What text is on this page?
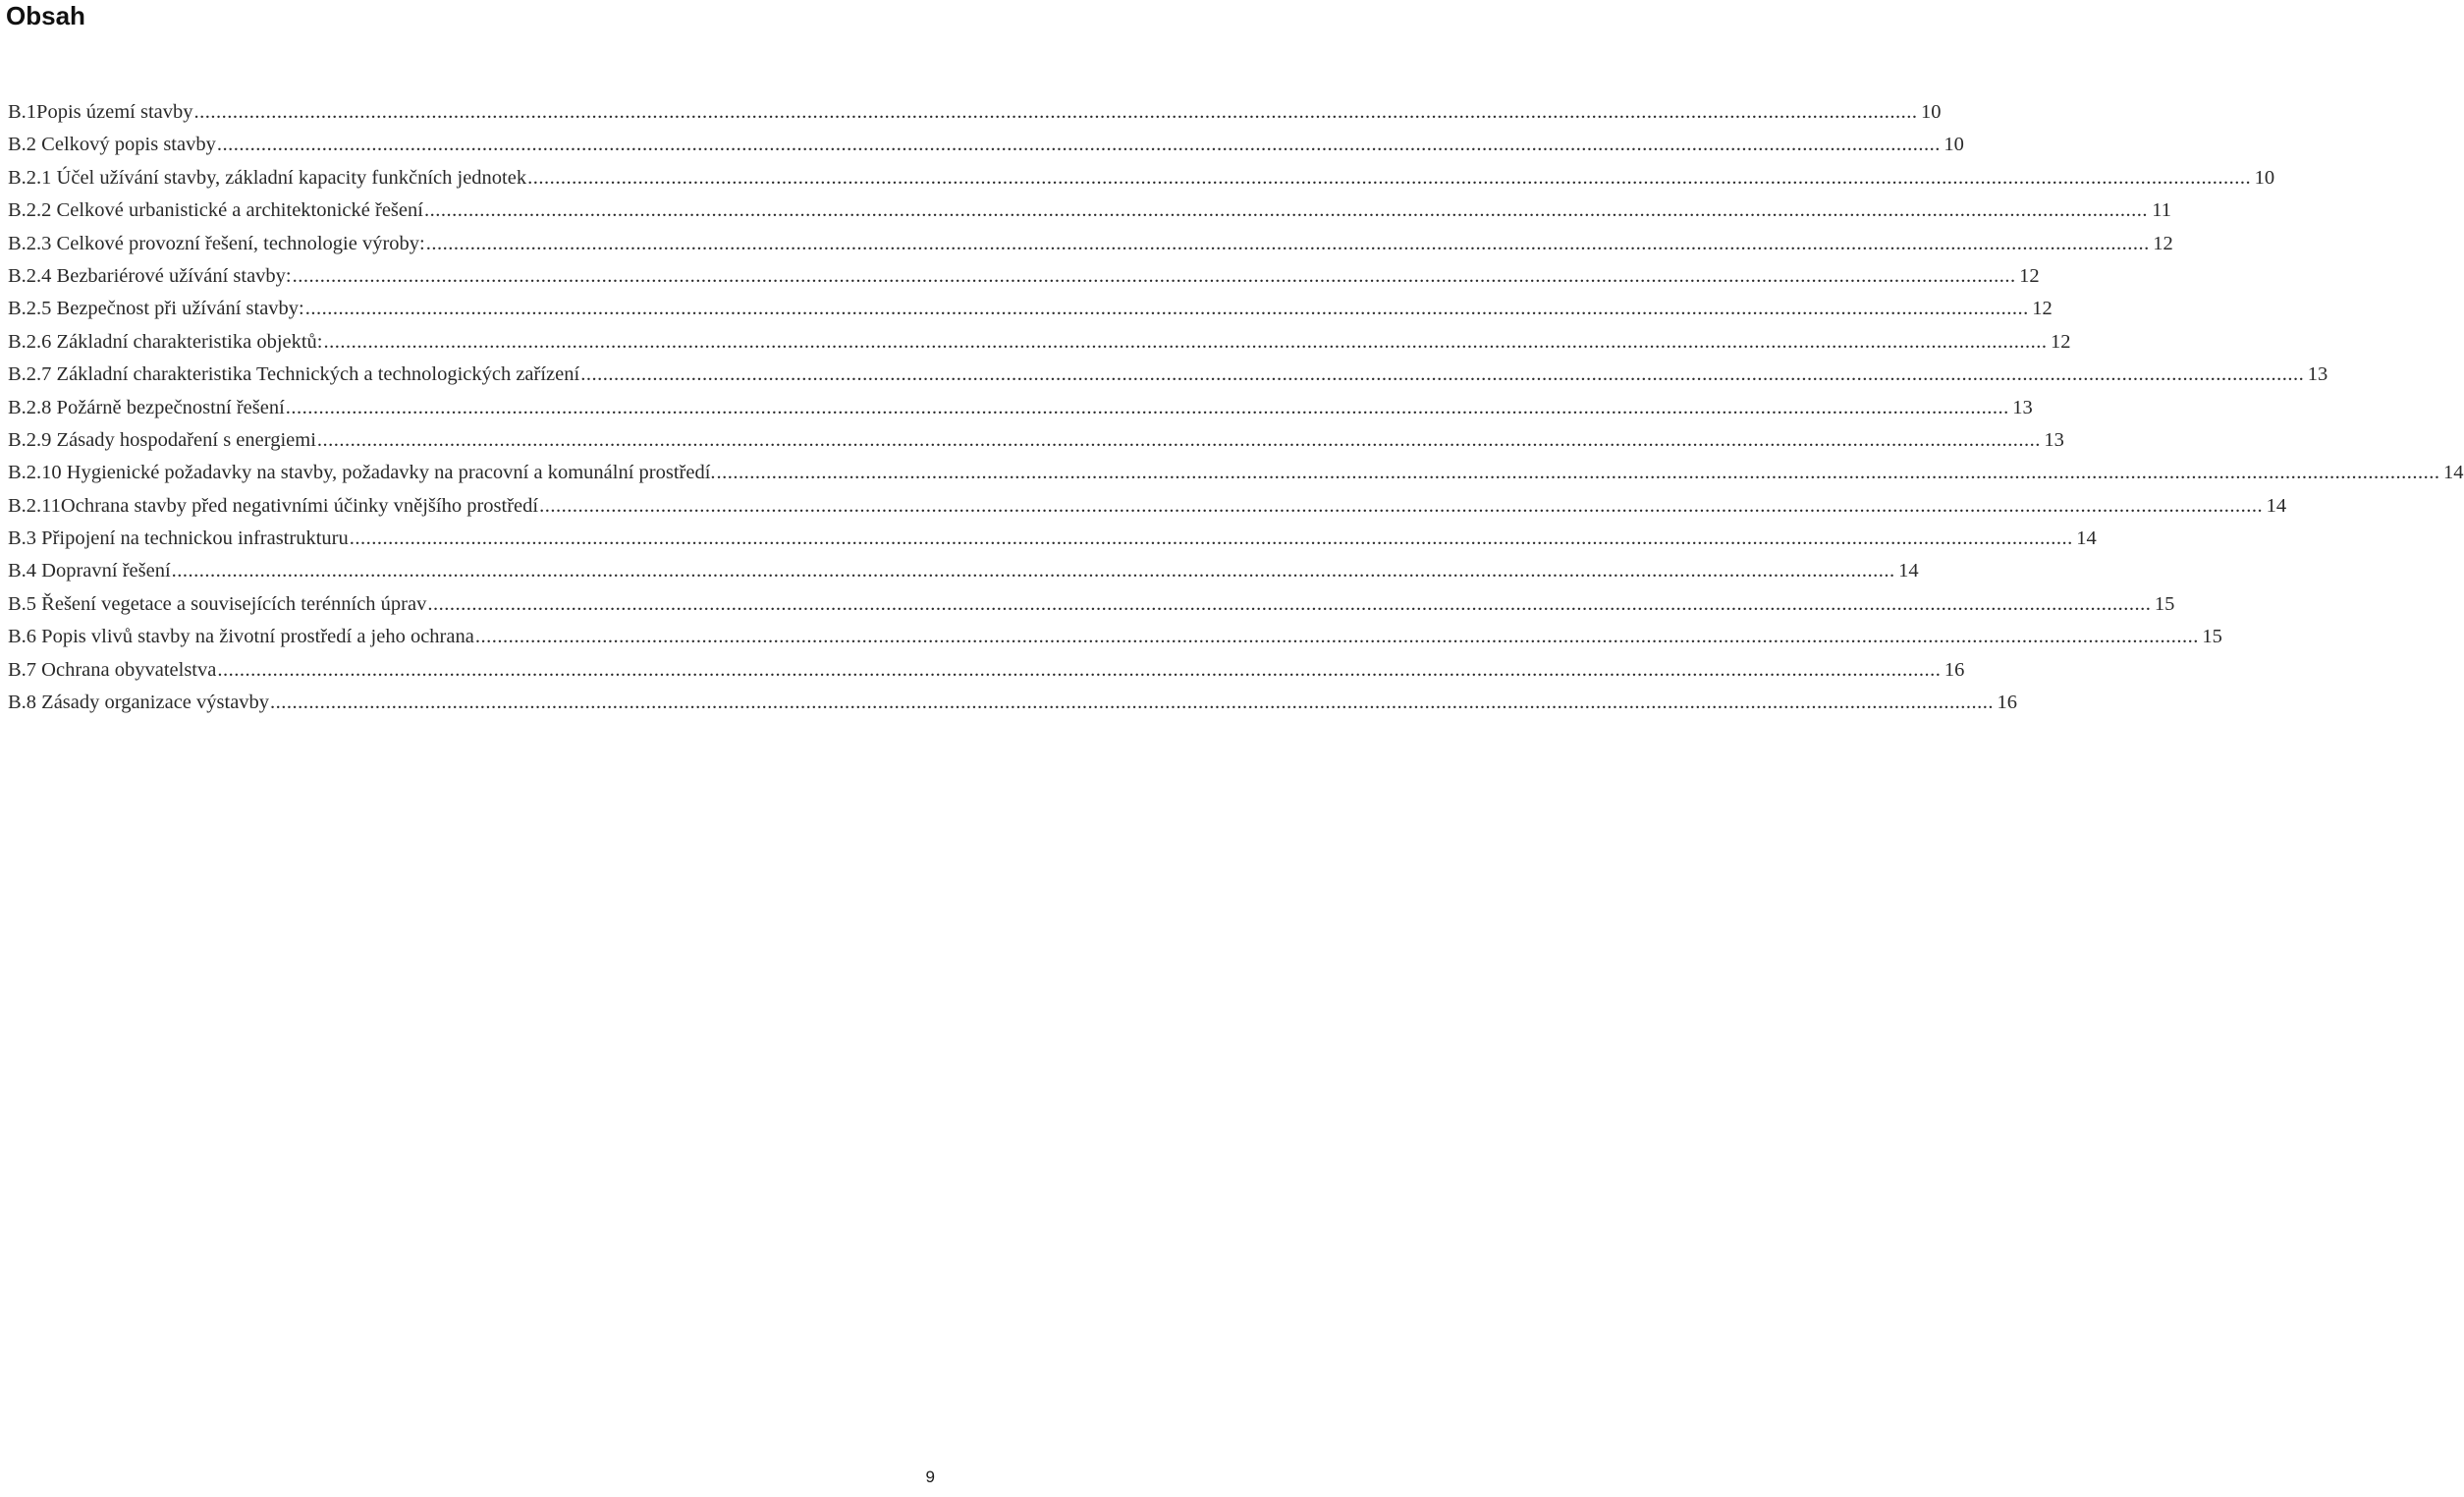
Obsah
B.1Popis území stavby .....	10
B.2 Celkový popis stavby .....	10
B.2.1 Účel užívání stavby, základní kapacity funkčních jednotek .....	10
B.2.2 Celkové urbanistické a architektonické řešení .....	11
B.2.3 Celkové provozní řešení, technologie výroby: .....	12
B.2.4 Bezbariérové užívání stavby: .....	12
B.2.5 Bezpečnost při užívání stavby: .....	12
B.2.6 Základní charakteristika objektů: .....	12
B.2.7 Základní charakteristika Technických a technologických zařízení .....	13
B.2.8 Požárně bezpečnostní řešení .....	13
B.2.9 Zásady hospodaření s energiemi .....	13
B.2.10 Hygienické požadavky na stavby, požadavky na pracovní a komunální prostředí. .....	14
B.2.11Ochrana stavby před negativními účinky vnějšího prostředí .....	14
B.3 Připojení na technickou infrastrukturu .....	14
B.4 Dopravní řešení .....	14
B.5 Řešení vegetace a souvisejících terénních úprav .....	15
B.6 Popis vlivů stavby na životní prostředí a jeho ochrana .....	15
B.7 Ochrana obyvatelstva .....	16
B.8 Zásady organizace výstavby .....	16

9
